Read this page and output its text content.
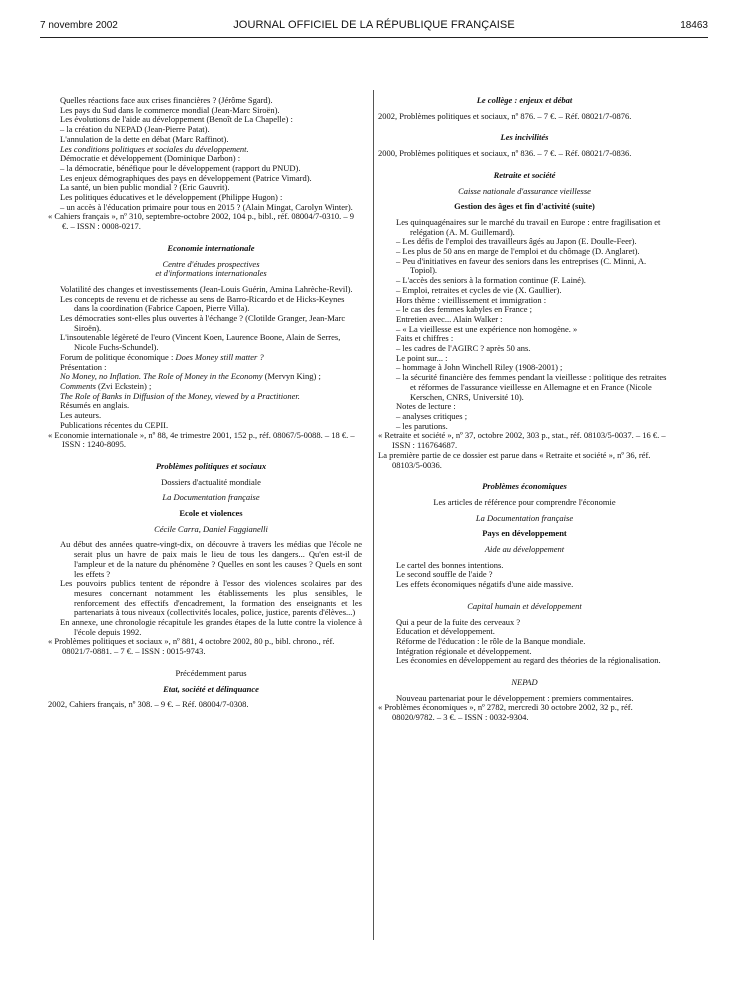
7 novembre 2002	JOURNAL OFFICIEL DE LA RÉPUBLIQUE FRANÇAISE	18463

Quelles réactions face aux crises financières ? (Jérôme Sgard).

Les pays du Sud dans le commerce mondial (Jean-Marc Siroën).

Les évolutions de l'aide au développement (Benoît de La Chapelle) :

– la création du NEPAD (Jean-Pierre Patat).

L'annulation de la dette en débat (Marc Raffinot).

Les conditions politiques et sociales du développement.

Démocratie et développement (Dominique Darbon) :

– la démocratie, bénéfique pour le développement (rapport du PNUD).

Les enjeux démographiques des pays en développement (Patrice Vimard).

La santé, un bien public mondial ? (Eric Gauvrit).

Les politiques éducatives et le développement (Philippe Hugon) :

– un accès à l'éducation primaire pour tous en 2015 ? (Alain Mingat, Carolyn Winter).

« Cahiers français », nº 310, septembre-octobre 2002, 104 p., bibl., réf. 08004/7-0310. – 9 €. – ISSN : 0008-0217.

Economie internationale

Centre d'études prospectives

et d'informations internationales

Volatilité des changes et investissements (Jean-Louis Guérin, Amina Lahrèche-Revil).

Les concepts de revenu et de richesse au sens de Barro-Ricardo et de Hicks-Keynes dans la coordination (Fabrice Capoen, Pierre Villa).

Les démocraties sont-elles plus ouvertes à l'échange ? (Clotilde Granger, Jean-Marc Siroën).

L'insoutenable légèreté de l'euro (Vincent Koen, Laurence Boone, Alain de Serres, Nicole Fuchs-Schundel).

Forum de politique économique : Does Money still matter ?

Présentation :

No Money, no Inflation. The Role of Money in the Economy (Mervyn King) ;

Comments (Zvi Eckstein) ;

The Role of Banks in Diffusion of the Money, viewed by a Practitioner.

Résumés en anglais.

Les auteurs.

Publications récentes du CEPII.

« Economie internationale », nº 88, 4e trimestre 2001, 152 p., réf. 08067/5-0088. – 18 €. – ISSN : 1240-8095.

Problèmes politiques et sociaux

Dossiers d'actualité mondiale

La Documentation française

Ecole et violences

Cécile Carra, Daniel Faggianelli

Au début des années quatre-vingt-dix, on découvre à travers les médias que l'école ne serait plus un havre de paix mais le lieu de tous les dangers... Qu'en est-il de l'ampleur et de la nature du phénomène ? Quelles en sont les causes ? Quels en sont les effets ?

Les pouvoirs publics tentent de répondre à l'essor des violences scolaires par des mesures concernant notamment les établissements les plus sensibles, le renforcement des effectifs d'encadrement, la formation des enseignants et les partenariats à tous niveaux (collectivités locales, police, justice, parents d'élèves...)

En annexe, une chronologie récapitule les grandes étapes de la lutte contre la violence à l'école depuis 1992.

« Problèmes politiques et sociaux », nº 881, 4 octobre 2002, 80 p., bibl. chrono., réf. 08021/7-0881. – 7 €. – ISSN : 0015-9743.

Précédemment parus

Etat, société et délinquance

2002, Cahiers français, nº 308. – 9 €. – Réf. 08004/7-0308.

Le collège : enjeux et débat

2002, Problèmes politiques et sociaux, nº 876. – 7 €. – Réf. 08021/7-0876.

Les incivilités

2000, Problèmes politiques et sociaux, nº 836. – 7 €. – Réf. 08021/7-0836.

Retraite et société

Caisse nationale d'assurance vieillesse

Gestion des âges et fin d'activité (suite)

Les quinquagénaires sur le marché du travail en Europe : entre fragilisation et relégation (A. M. Guillemard).

– Les défis de l'emploi des travailleurs âgés au Japon (E. Doulle-Feer).

– Les plus de 50 ans en marge de l'emploi et du chômage (D. Anglaret).

– Peu d'initiatives en faveur des seniors dans les entreprises (C. Minni, A. Topiol).

– L'accès des seniors à la formation continue (F. Lainé).

– Emploi, retraites et cycles de vie (X. Gaullier).

Hors thème : vieillissement et immigration :

– le cas des femmes kabyles en France ;

Entretien avec... Alain Walker :

– « La vieillesse est une expérience non homogène. »

Faits et chiffres :

– les cadres de l'AGIRC ? après 50 ans.

Le point sur... :

– hommage à John Winchell Riley (1908-2001) ;

– la sécurité financière des femmes pendant la vieillesse : politique des retraites et réformes de l'assurance vieillesse en Allemagne et en France (Nicole Kerschen, CNRS, Université 10).

Notes de lecture :

– analyses critiques ;

– les parutions.

« Retraite et société », nº 37, octobre 2002, 303 p., stat., réf. 08103/5-0037. – 16 €. – ISSN : 116764687.

La première partie de ce dossier est parue dans « Retraite et société », nº 36, réf. 08103/5-0036.

Problèmes économiques

Les articles de référence pour comprendre l'économie

La Documentation française

Pays en développement

Aide au développement

Le cartel des bonnes intentions.

Le second souffle de l'aide ?

Les effets économiques négatifs d'une aide massive.

Capital humain et développement

Qui a peur de la fuite des cerveaux ?

Education et développement.

Réforme de l'éducation : le rôle de la Banque mondiale.

Intégration régionale et développement.

Les économies en développement au regard des théories de la régionalisation.

NEPAD

Nouveau partenariat pour le développement : premiers commentaires.

« Problèmes économiques », nº 2782, mercredi 30 octobre 2002, 32 p., réf. 08020/9782. – 3 €. – ISSN : 0032-9304.
